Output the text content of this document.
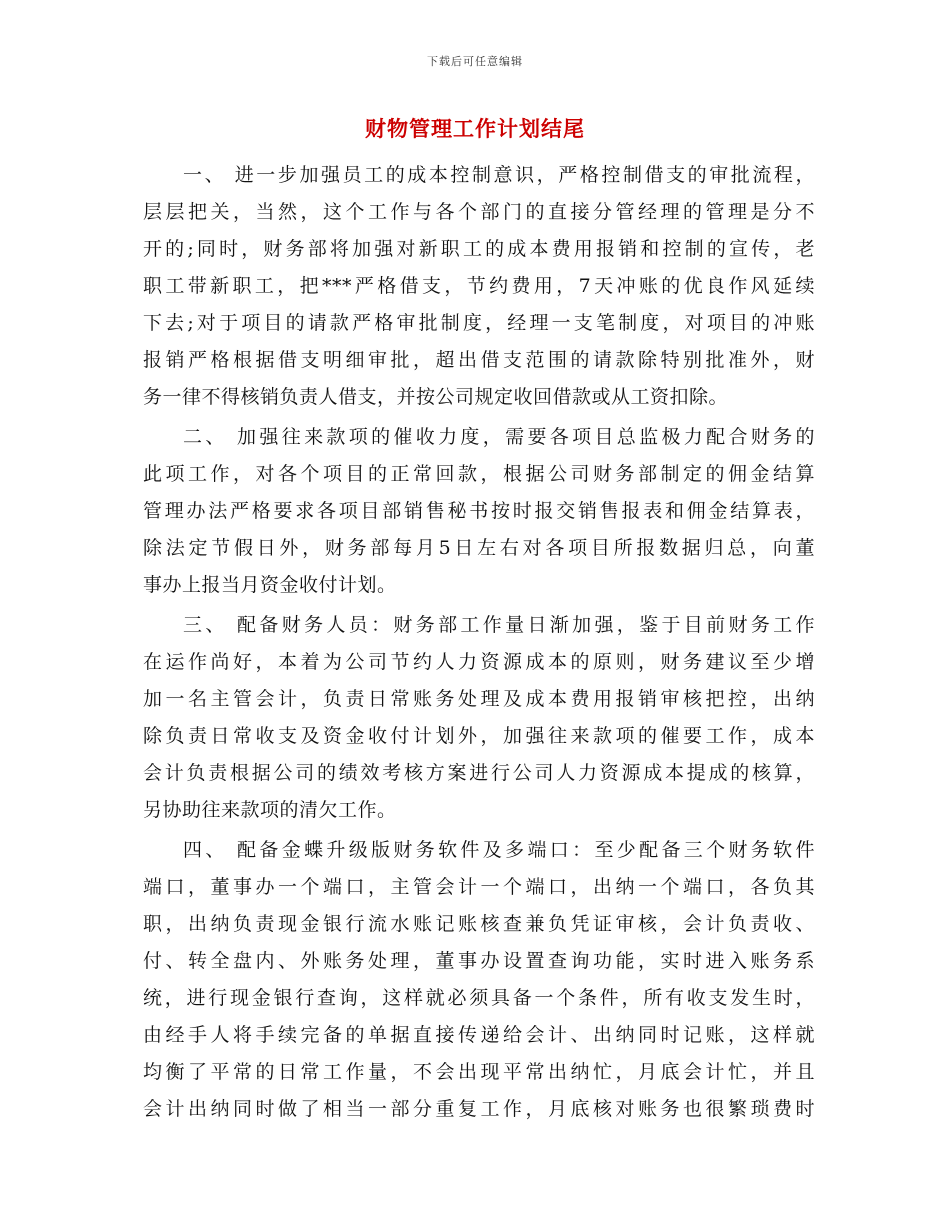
下载后可任意编辑
财物管理工作计划结尾
一、 进一步加强员工的成本控制意识，严格控制借支的审批流程，
层层把关，当然，这个工作与各个部门的直接分管经理的管理是分不
开的;同时，财务部将加强对新职工的成本费用报销和控制的宣传，老
职工带新职工，把***严格借支，节约费用，7天冲账的优良作风延续
下去;对于项目的请款严格审批制度，经理一支笔制度，对项目的冲账
报销严格根据借支明细审批，超出借支范围的请款除特别批准外，财
务一律不得核销负责人借支，并按公司规定收回借款或从工资扣除。
二、 加强往来款项的催收力度，需要各项目总监极力配合财务的
此项工作，对各个项目的正常回款，根据公司财务部制定的佣金结算
管理办法严格要求各项目部销售秘书按时报交销售报表和佣金结算表，
除法定节假日外，财务部每月5日左右对各项目所报数据归总，向董
事办上报当月资金收付计划。
三、 配备财务人员：财务部工作量日渐加强，鉴于目前财务工作
在运作尚好，本着为公司节约人力资源成本的原则，财务建议至少增
加一名主管会计，负责日常账务处理及成本费用报销审核把控，出纳
除负责日常收支及资金收付计划外，加强往来款项的催要工作，成本
会计负责根据公司的绩效考核方案进行公司人力资源成本提成的核算，
另协助往来款项的清欠工作。
四、 配备金蝶升级版财务软件及多端口：至少配备三个财务软件
端口，董事办一个端口，主管会计一个端口，出纳一个端口，各负其
职，出纳负责现金银行流水账记账核查兼负凭证审核，会计负责收、
付、转全盘内、外账务处理，董事办设置查询功能，实时进入账务系
统，进行现金银行查询，这样就必须具备一个条件，所有收支发生时，
由经手人将手续完备的单据直接传递给会计、出纳同时记账，这样就
均衡了平常的日常工作量，不会出现平常出纳忙，月底会计忙，并且
会计出纳同时做了相当一部分重复工作，月底核对账务也很繁琐费时
